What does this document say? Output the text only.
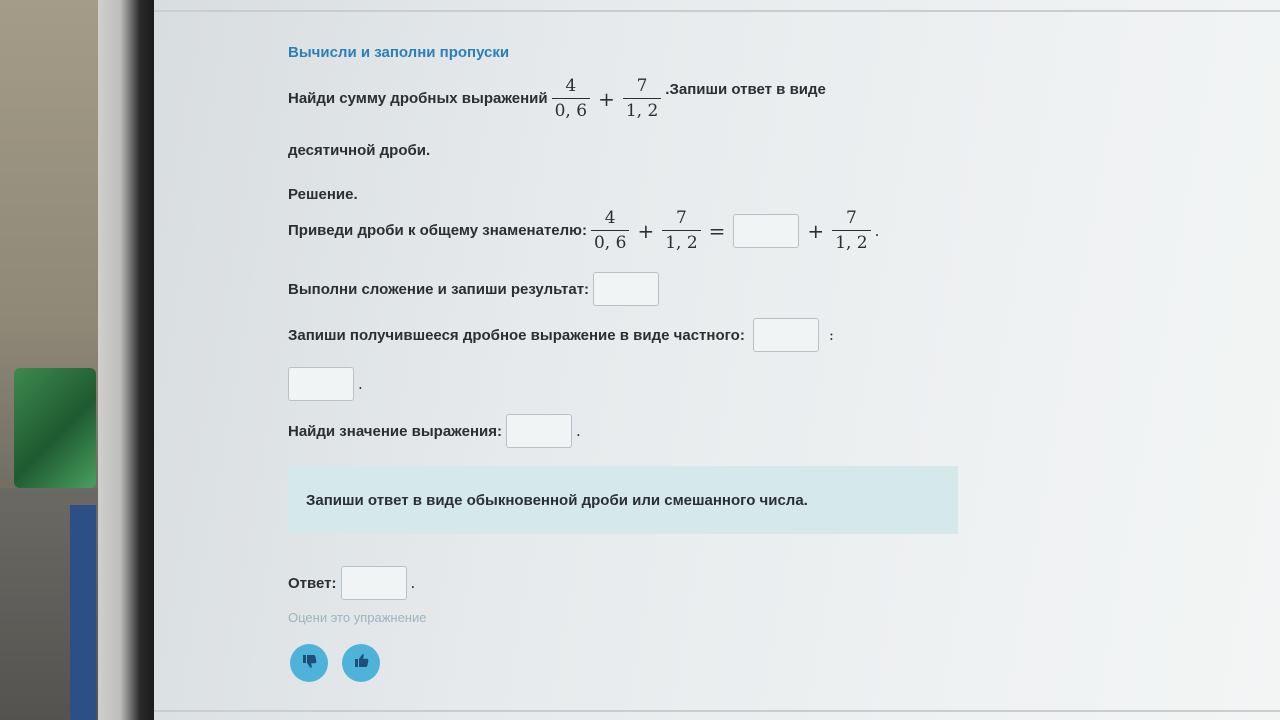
Вычисли и заполни пропуски
Найди сумму дробных выражений $\frac{4}{0, 6} + \frac{7}{1, 2}$ .Запиши ответ в виде
десятичной дроби.
Решение.
Приведи дроби к общему знаменателю: $\frac{4}{0, 6} + \frac{7}{1, 2}$ =	+ $\frac{7}{1, 2}$ .
Выполни сложение и запиши результат:
Запиши получившееся дробное выражение в виде частного:	:
.
Найди значение выражения:	.
Запиши ответ в виде обыкновенной дроби или смешанного числа.
Ответ:	.
Оцени это упражнение
